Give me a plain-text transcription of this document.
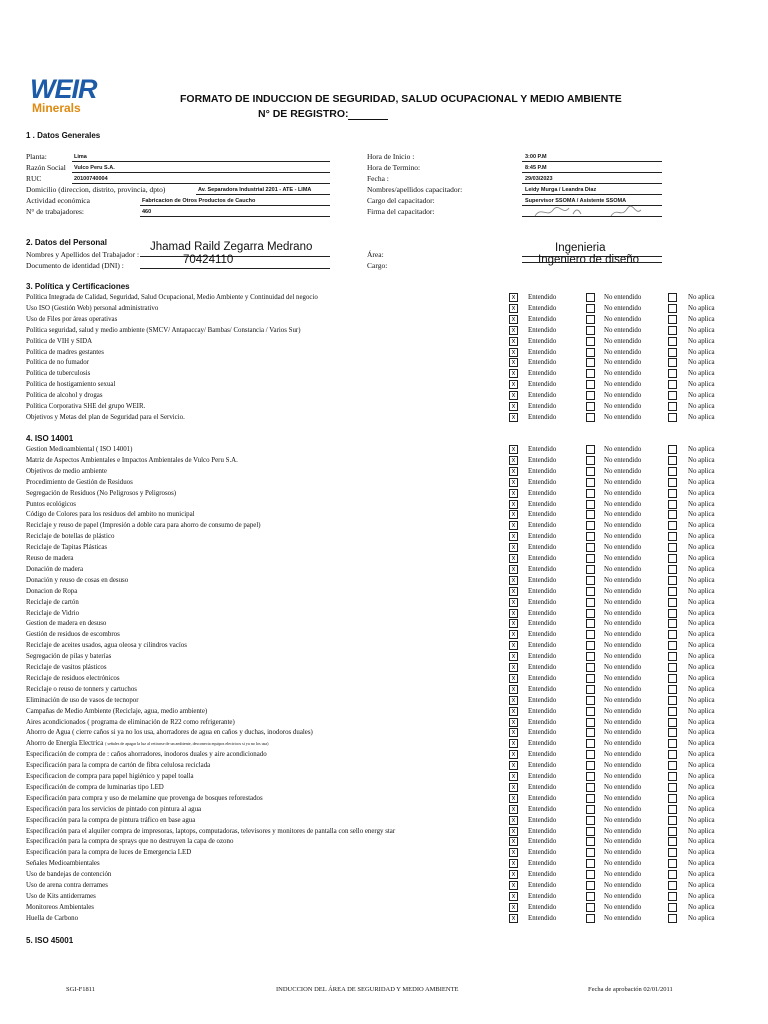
WEIR
Minerals
FORMATO DE INDUCCION DE SEGURIDAD, SALUD OCUPACIONAL Y MEDIO AMBIENTE
N° DE REGISTRO:
1 . Datos Generales
Planta:	Lima
Razón Social Vulco Peru S.A.
RUC	20100740004
Domicilio (direccion, distrito, provincia, dpto)	Av. Separadora Industrial 2201 - ATE - LIMA
Actividad económica	Fabricacion de Otros Productos de Caucho
N° de trabajadores:	460
Hora de Inicio :	3:00 P.M
Hora de Termino:	8:45 P.M
Fecha :	29/03/2023
Nombres/apellidos capacitador:	Leidy Murga / Leandra Diaz
Cargo del capacitador:	Supervisor SSOMA / Asistente SSOMA
Firma del capacitador:
2. Datos del Personal
Nombres y Apellidos del Trabajador :
Jhamad Raild Zegarra Medrano
Documento de identidad (DNI) :	70424110	Área:
Ingenieria
Cargo:	Ingeniero de diseño
3. Política y Certificaciones
Política Integrada de Calidad, Seguridad, Salud Ocupacional, Medio Ambiente y Continuidad del negocio	x	Entendido	No entendido	No aplica
Uso ISO (Gestión Web) personal administrativo	x	Entendido	No entendido	No aplica
Uso de Files por áreas operativas	x	Entendido	No entendido	No aplica
Política seguridad, salud y medio ambiente (SMCV/ Antapaccay/ Bambas/ Constancia / Varios Sur)	x	Entendido	No entendido	No aplica
Política de VIH y SIDA	x	Entendido	No entendido	No aplica
Política de madres gestantes	x	Entendido	No entendido	No aplica
Política de no fumador	x	Entendido	No entendido	No aplica
Política de tuberculosis	x	Entendido	No entendido	No aplica
Política de hostigamiento sexual	x	Entendido	No entendido	No aplica
Política de alcohol y drogas	x	Entendido	No entendido	No aplica
Política Corporativa SHE del grupo WEIR.	x	Entendido	No entendido	No aplica
Objetivos y Metas del plan de Seguridad para el Servicio.	x	Entendido	No entendido	No aplica
4. ISO 14001
Gestion Medioambiental ( ISO 14001)	x	Entendido	No entendido	No aplica
Matriz de Aspectos Ambientales e Impactos Ambientales de Vulco Peru S.A.	x	Entendido	No entendido	No aplica
Objetivos de medio ambiente	x	Entendido	No entendido	No aplica
Procedimiento de Gestión de Residuos	x	Entendido	No entendido	No aplica
Segregación de Residuos (No Peligrosos y Peligrosos)	x	Entendido	No entendido	No aplica
Puntos ecológicos	x	Entendido	No entendido	No aplica
Código de Colores para los residuos del ambito no municipal	x	Entendido	No entendido	No aplica
Reciclaje y reuso de papel (Impresión a doble cara para ahorro de consumo de papel)	x	Entendido	No entendido	No aplica
Reciclaje de botellas de plástico	x	Entendido	No entendido	No aplica
Reciclaje de Tapitas Plásticas	x	Entendido	No entendido	No aplica
Reuso de madera	x	Entendido	No entendido	No aplica
Donación de madera	x	Entendido	No entendido	No aplica
Donación y reuso de cosas en desuso	x	Entendido	No entendido	No aplica
Donacion de Ropa	x	Entendido	No entendido	No aplica
Reciclaje de cartón	x	Entendido	No entendido	No aplica
Reciclaje de Vidrio	x	Entendido	No entendido	No aplica
Gestion de madera en desuso	x	Entendido	No entendido	No aplica
Gestión de residuos de escombros	x	Entendido	No entendido	No aplica
Reciclaje de aceites usados, agua oleosa y cilindros vacíos	x	Entendido	No entendido	No aplica
Segregación de pilas y baterías	x	Entendido	No entendido	No aplica
Reciclaje de vasitos plásticos	x	Entendido	No entendido	No aplica
Reciclaje de residuos electrónicos	x	Entendido	No entendido	No aplica
Reciclaje o reuso de tonners y cartuchos	x	Entendido	No entendido	No aplica
Eliminación de uso de vasos de tecnopor	x	Entendido	No entendido	No aplica
Campañas de Medio Ambiente (Reciclaje, agua, medio ambiente)	x	Entendido	No entendido	No aplica
Aires acondicionados ( programa de eliminación de R22 como refrigerante)	x	Entendido	No entendido	No aplica
Ahorro de Agua ( cierre caños si ya no los usa, ahorradores de agua en caños y duchas, inodoros duales)	x	Entendido	No entendido	No aplica
Ahorro de Energía Electrica ( señales de apagar la luz al retirarse de un ambiente, desconecta equipos electricos si ya no los usa)	x	Entendido	No entendido	No aplica
Especificación de compra de : caños ahorradores, inodoros duales y aire acondicionado	x	Entendido	No entendido	No aplica
Especificación para la compra de cartón de fibra celulosa reciclada	x	Entendido	No entendido	No aplica
Especificacion de compra para papel higiénico y papel toalla	x	Entendido	No entendido	No aplica
Especificación de compra de luminarias tipo LED	x	Entendido	No entendido	No aplica
Especificación para compra y uso de melamine que provenga de bosques reforestados	x	Entendido	No entendido	No aplica
Especificación para los servicios de pintado con pintura al agua	x	Entendido	No entendido	No aplica
Especificación para la compra de pintura tráfico en base agua	x	Entendido	No entendido	No aplica
Especificación para el alquiler compra de impresoras, laptops, computadoras, televisores y monitores de pantalla con sello energy star	x	Entendido	No entendido	No aplica
Especificación para la compra de sprays que no destruyen la capa de ozono	x	Entendido	No entendido	No aplica
Especificación para la compra de luces de Emergencia LED	x	Entendido	No entendido	No aplica
Señales Medioambientales	x	Entendido	No entendido	No aplica
Uso de bandejas de contención	x	Entendido	No entendido	No aplica
Uso de arena contra derrames	x	Entendido	No entendido	No aplica
Uso de Kits antiderrames	x	Entendido	No entendido	No aplica
Monitoreos Ambientales	x	Entendido	No entendido	No aplica
Huella de Carbono	x	Entendido	No entendido	No aplica
5. ISO 45001
SGI-F1811	INDUCCION DEL ÁREA DE SEGURIDAD Y MEDIO AMBIENTE	Fecha de aprobación 02/01/2011
